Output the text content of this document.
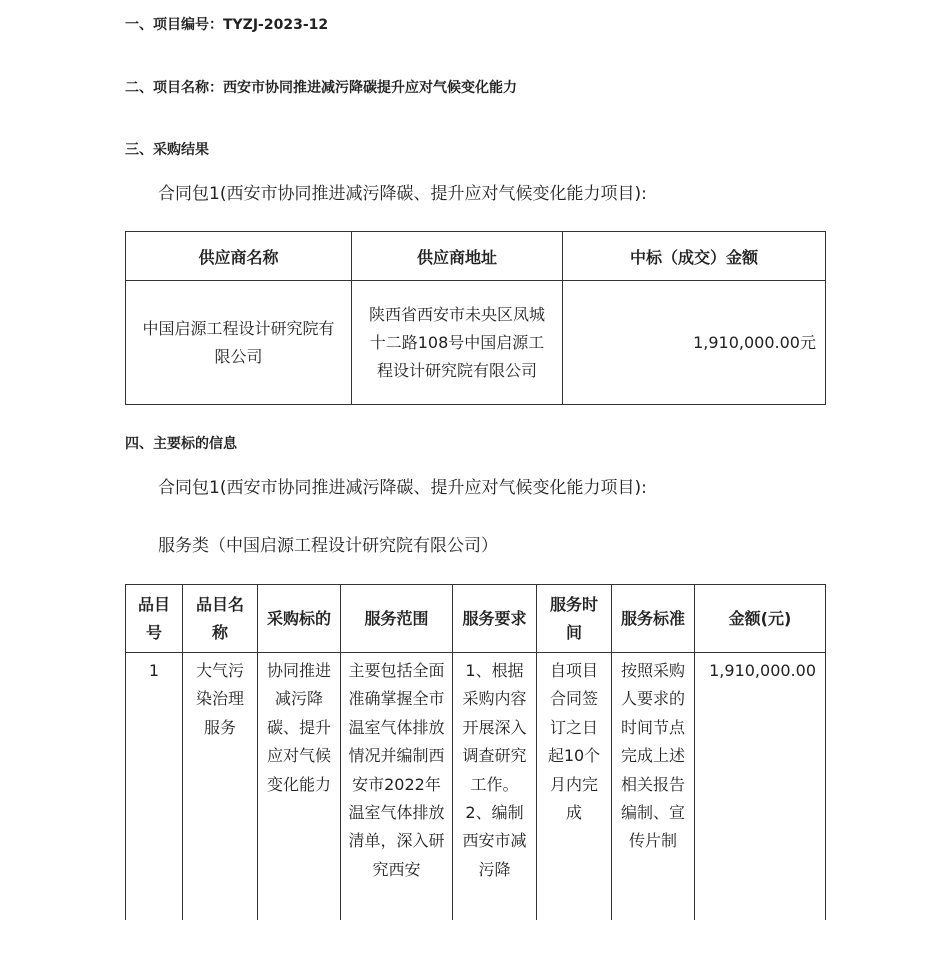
一、项目编号：TYZJ-2023-12
二、项目名称：西安市协同推进减污降碳提升应对气候变化能力
三、采购结果
合同包1(西安市协同推进减污降碳、提升应对气候变化能力项目):
供应商名称	供应商地址	中标（成交）金额
中国启源工程设计研究院有限公司	陕西省西安市未央区凤城十二路108号中国启源工程设计研究院有限公司	1,910,000.00元
四、主要标的信息
合同包1(西安市协同推进减污降碳、提升应对气候变化能力项目):
服务类（中国启源工程设计研究院有限公司）
品目号	品目名称	采购标的	服务范围	服务要求	服务时间	服务标准	金额(元)
1	大气污染治理服务	协同推进减污降碳、提升应对气候变化能力	主要包括全面准确掌握全市温室气体排放情况并编制西安市2022年温室气体排放清单，深入研究西安	1、根据采购内容开展深入调查研究工作。2、编制西安市减污降	自项目合同签订之日起10个月内完成	按照采购人要求的时间节点完成上述相关报告编制、宣传片制	1,910,000.00
